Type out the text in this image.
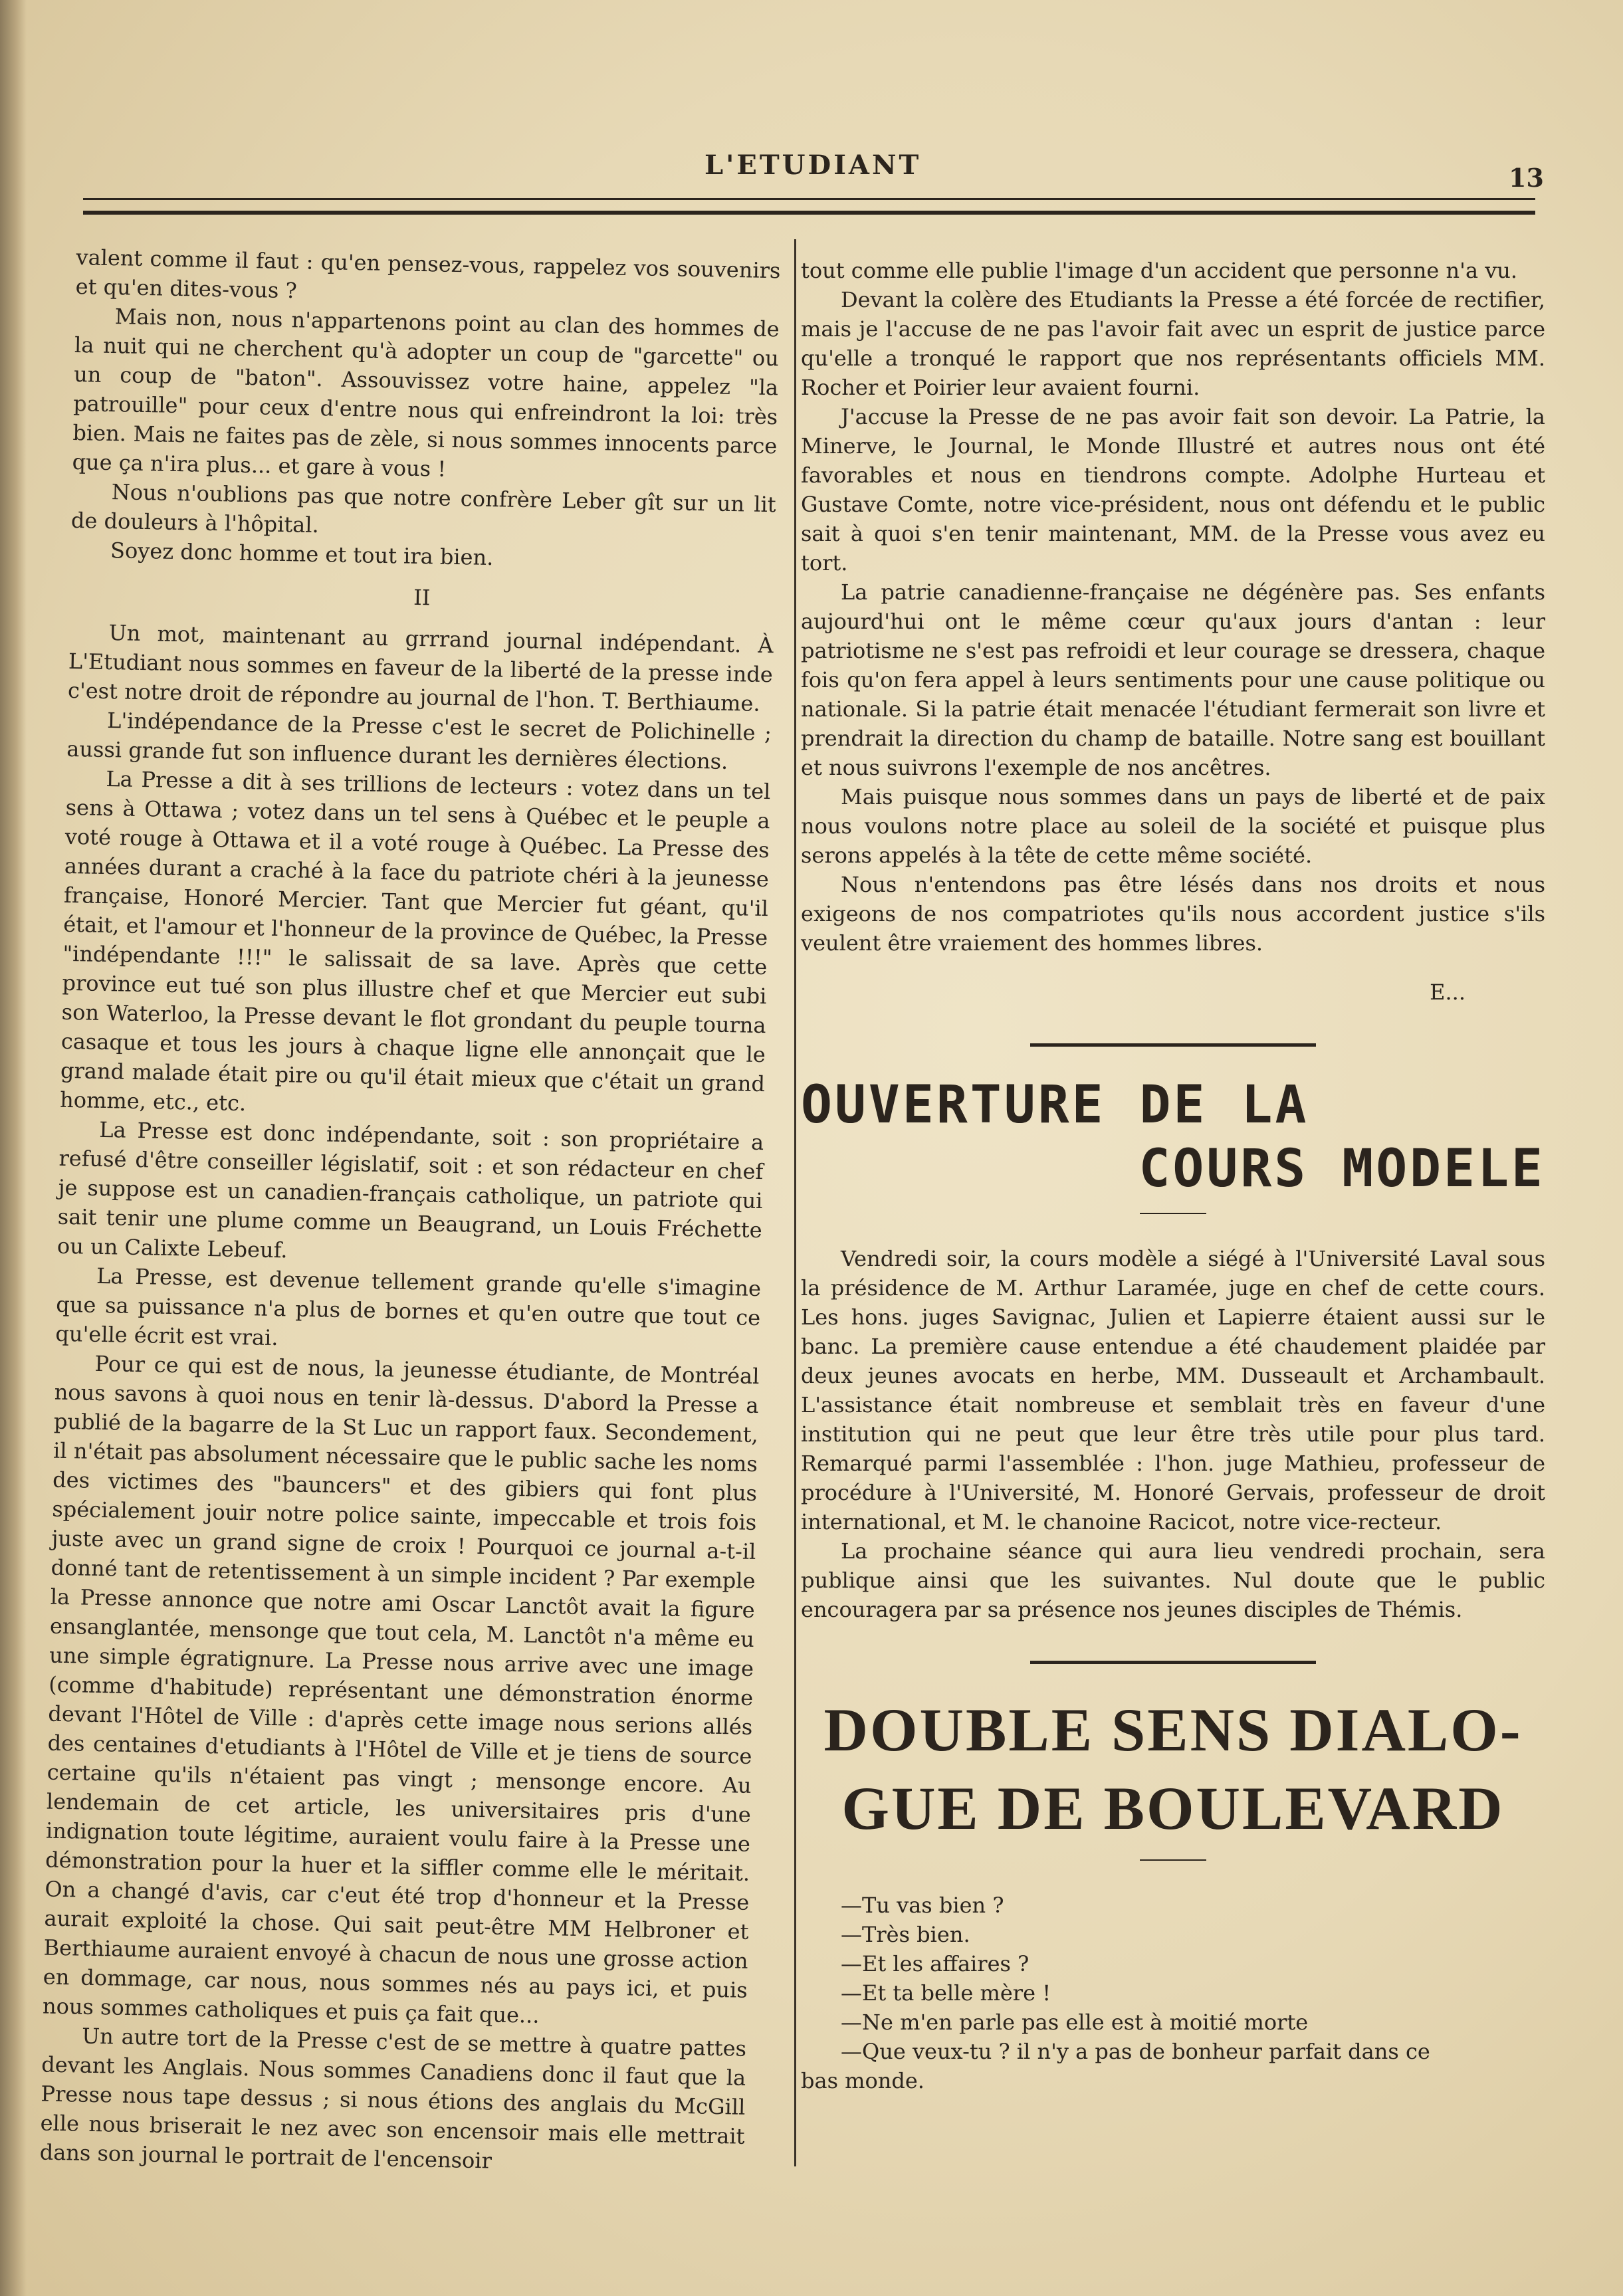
L'ETUDIANT	13

valent comme il faut : qu'en pensez-vous, rappelez vos souvenirs et qu'en dites-vous ?

Mais non, nous n'appartenons point au clan des hommes de la nuit qui ne cherchent qu'à adopter un coup de "garcette" ou un coup de "baton". Assouvissez votre haine, appelez "la patrouille" pour ceux d'entre nous qui enfreindront la loi: très bien. Mais ne faites pas de zèle, si nous sommes innocents parce que ça n'ira plus... et gare à vous !

Nous n'oublions pas que notre confrère Leber gît sur un lit de douleurs à l'hôpital.

Soyez donc homme et tout ira bien.

II

Un mot, maintenant au grrrand journal indépendant. À L'Etudiant nous sommes en faveur de la liberté de la presse inde c'est notre droit de répondre au journal de l'hon. T. Berthiaume.

L'indépendance de la Presse c'est le secret de Polichinelle ; aussi grande fut son influence durant les dernières élections.

La Presse a dit à ses trillions de lecteurs : votez dans un tel sens à Ottawa ; votez dans un tel sens à Québec et le peuple a voté rouge à Ottawa et il a voté rouge à Québec. La Presse des années durant a craché à la face du patriote chéri à la jeunesse française, Honoré Mercier. Tant que Mercier fut géant, qu'il était, et l'amour et l'honneur de la province de Québec, la Presse "indépendante !!!" le salissait de sa lave. Après que cette province eut tué son plus illustre chef et que Mercier eut subi son Waterloo, la Presse devant le flot grondant du peuple tourna casaque et tous les jours à chaque ligne elle annonçait que le grand malade était pire ou qu'il était mieux que c'était un grand homme, etc., etc.

La Presse est donc indépendante, soit : son propriétaire a refusé d'être conseiller législatif, soit : et son rédacteur en chef je suppose est un canadien-français catholique, un patriote qui sait tenir une plume comme un Beaugrand, un Louis Fréchette ou un Calixte Lebeuf.

La Presse, est devenue tellement grande qu'elle s'imagine que sa puissance n'a plus de bornes et qu'en outre que tout ce qu'elle écrit est vrai.

Pour ce qui est de nous, la jeunesse étudiante, de Montréal nous savons à quoi nous en tenir là-dessus. D'abord la Presse a publié de la bagarre de la St Luc un rapport faux. Secondement, il n'était pas absolument nécessaire que le public sache les noms des victimes des "bauncers" et des gibiers qui font plus spécialement jouir notre police sainte, impeccable et trois fois juste avec un grand signe de croix ! Pourquoi ce journal a-t-il donné tant de retentissement à un simple incident ? Par exemple la Presse annonce que notre ami Oscar Lanctôt avait la figure ensanglantée, mensonge que tout cela, M. Lanctôt n'a même eu une simple égratignure. La Presse nous arrive avec une image (comme d'habitude) représentant une démonstration énorme devant l'Hôtel de Ville : d'après cette image nous serions allés des centaines d'etudiants à l'Hôtel de Ville et je tiens de source certaine qu'ils n'étaient pas vingt ; mensonge encore. Au lendemain de cet article, les universitaires pris d'une indignation toute légitime, auraient voulu faire à la Presse une démonstration pour la huer et la siffler comme elle le méritait. On a changé d'avis, car c'eut été trop d'honneur et la Presse aurait exploité la chose. Qui sait peut-être MM Helbroner et Berthiaume auraient envoyé à chacun de nous une grosse action en dommage, car nous, nous sommes nés au pays ici, et puis nous sommes catholiques et puis ça fait que...

Un autre tort de la Presse c'est de se mettre à quatre pattes devant les Anglais. Nous sommes Canadiens donc il faut que la Presse nous tape dessus ; si nous étions des anglais du McGill elle nous briserait le nez avec son encensoir mais elle mettrait dans son journal le portrait de l'encensoir

tout comme elle publie l'image d'un accident que personne n'a vu.

Devant la colère des Etudiants la Presse a été forcée de rectifier, mais je l'accuse de ne pas l'avoir fait avec un esprit de justice parce qu'elle a tronqué le rapport que nos représentants officiels MM. Rocher et Poirier leur avaient fourni.

J'accuse la Presse de ne pas avoir fait son devoir. La Patrie, la Minerve, le Journal, le Monde Illustré et autres nous ont été favorables et nous en tiendrons compte. Adolphe Hurteau et Gustave Comte, notre vice-président, nous ont défendu et le public sait à quoi s'en tenir maintenant, MM. de la Presse vous avez eu tort.

La patrie canadienne-française ne dégénère pas. Ses enfants aujourd'hui ont le même cœur qu'aux jours d'antan : leur patriotisme ne s'est pas refroidi et leur courage se dressera, chaque fois qu'on fera appel à leurs sentiments pour une cause politique ou nationale. Si la patrie était menacée l'étudiant fermerait son livre et prendrait la direction du champ de bataille. Notre sang est bouillant et nous suivrons l'exemple de nos ancêtres.

Mais puisque nous sommes dans un pays de liberté et de paix nous voulons notre place au soleil de la société et puisque plus serons appelés à la tête de cette même société.

Nous n'entendons pas être lésés dans nos droits et nous exigeons de nos compatriotes qu'ils nous accordent justice s'ils veulent être vraiement des hommes libres.

E...

OUVERTURE DE LA
COURS MODELE

Vendredi soir, la cours modèle a siégé à l'Université Laval sous la présidence de M. Arthur Laramée, juge en chef de cette cours. Les hons. juges Savignac, Julien et Lapierre étaient aussi sur le banc. La première cause entendue a été chaudement plaidée par deux jeunes avocats en herbe, MM. Dusseault et Archambault. L'assistance était nombreuse et semblait très en faveur d'une institution qui ne peut que leur être très utile pour plus tard. Remarqué parmi l'assemblée : l'hon. juge Mathieu, professeur de procédure à l'Université, M. Honoré Gervais, professeur de droit international, et M. le chanoine Racicot, notre vice-recteur.

La prochaine séance qui aura lieu vendredi prochain, sera publique ainsi que les suivantes. Nul doute que le public encouragera par sa présence nos jeunes disciples de Thémis.

DOUBLE SENS DIALO-
GUE DE BOULEVARD

—Tu vas bien ?

—Très bien.

—Et les affaires ?

—Et ta belle mère !

—Ne m'en parle pas elle est à moitié morte

—Que veux-tu ? il n'y a pas de bonheur parfait dans ce

bas monde.
